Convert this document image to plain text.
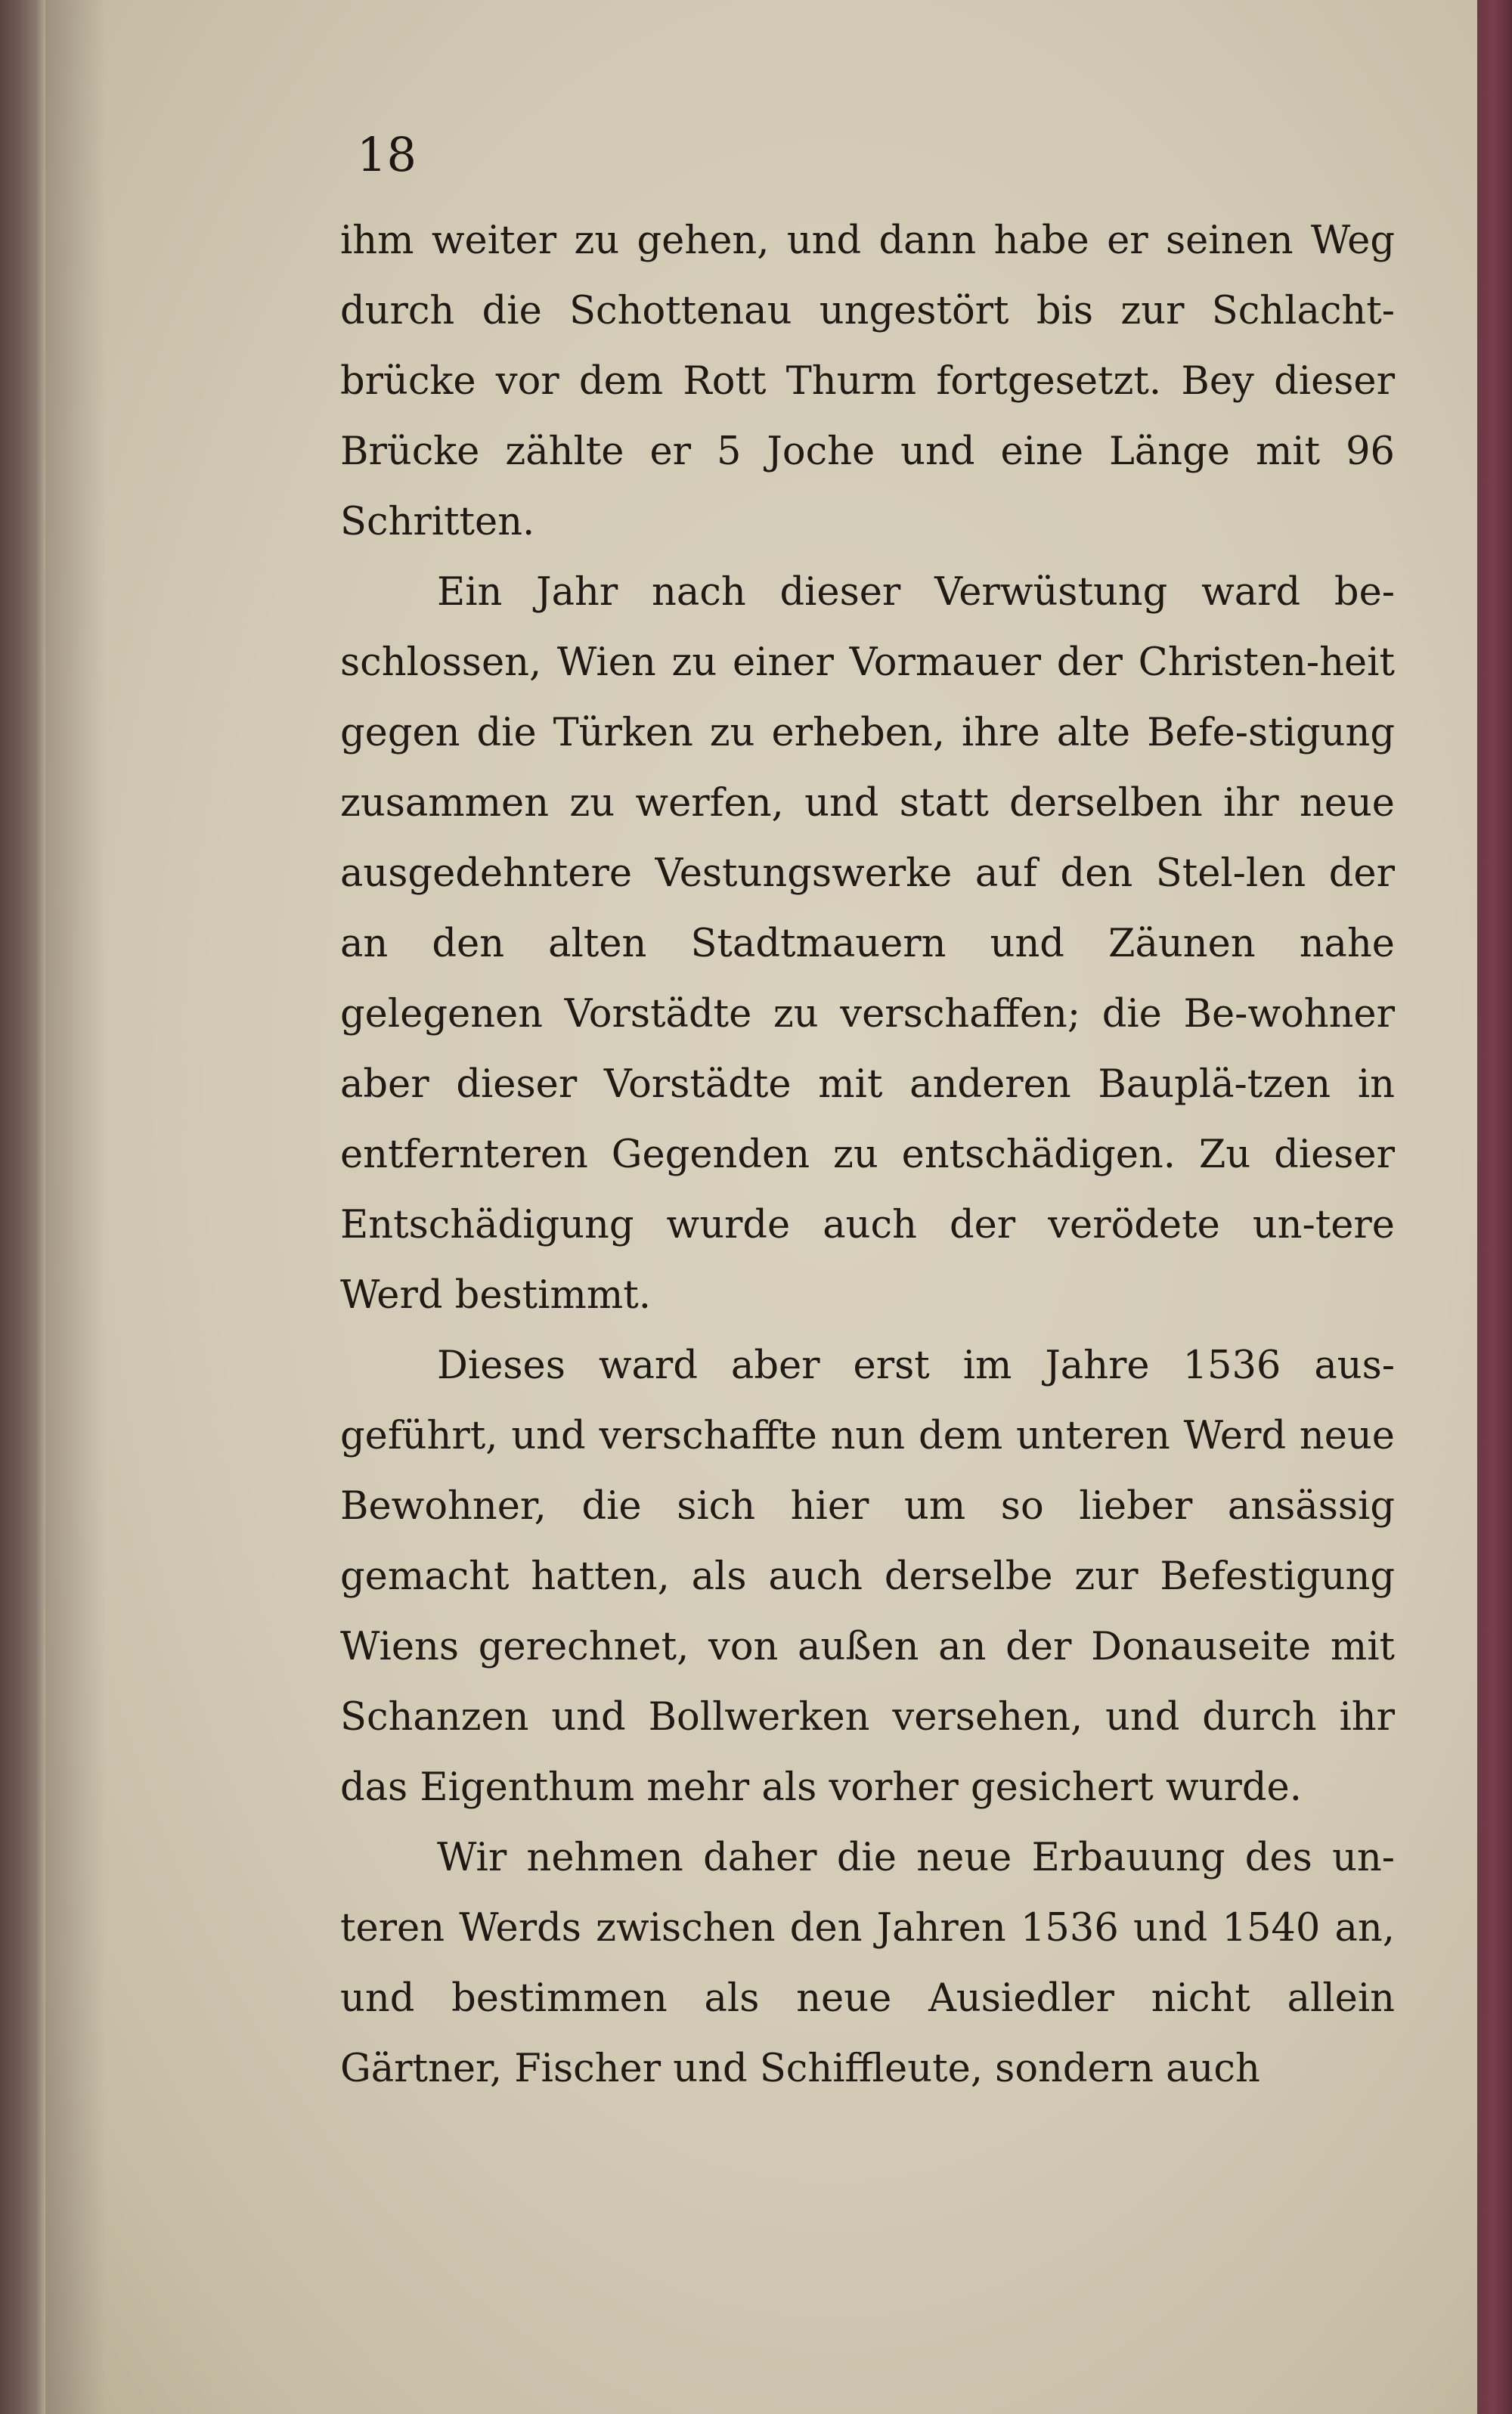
18

ihm weiter zu gehen, und dann habe er seinen Weg durch die Schottenau ungestört bis zur Schlacht-brücke vor dem Rott Thurm fortgesetzt. Bey dieser Brücke zählte er 5 Joche und eine Länge mit 96 Schritten.

Ein Jahr nach dieser Verwüstung ward be-schlossen, Wien zu einer Vormauer der Christen-heit gegen die Türken zu erheben, ihre alte Befe-stigung zusammen zu werfen, und statt derselben ihr neue ausgedehntere Vestungswerke auf den Stel-len der an den alten Stadtmauern und Zäunen nahe gelegenen Vorstädte zu verschaffen; die Be-wohner aber dieser Vorstädte mit anderen Bauplä-tzen in entfernteren Gegenden zu entschädigen. Zu dieser Entschädigung wurde auch der verödete un-tere Werd bestimmt.

Dieses ward aber erst im Jahre 1536 aus-geführt, und verschaffte nun dem unteren Werd neue Bewohner, die sich hier um so lieber ansässig gemacht hatten, als auch derselbe zur Befestigung Wiens gerechnet, von außen an der Donauseite mit Schanzen und Bollwerken versehen, und durch ihr das Eigenthum mehr als vorher gesichert wurde.

Wir nehmen daher die neue Erbauung des un-teren Werds zwischen den Jahren 1536 und 1540 an, und bestimmen als neue Ausiedler nicht allein Gärtner, Fischer und Schiffleute, sondern auch
